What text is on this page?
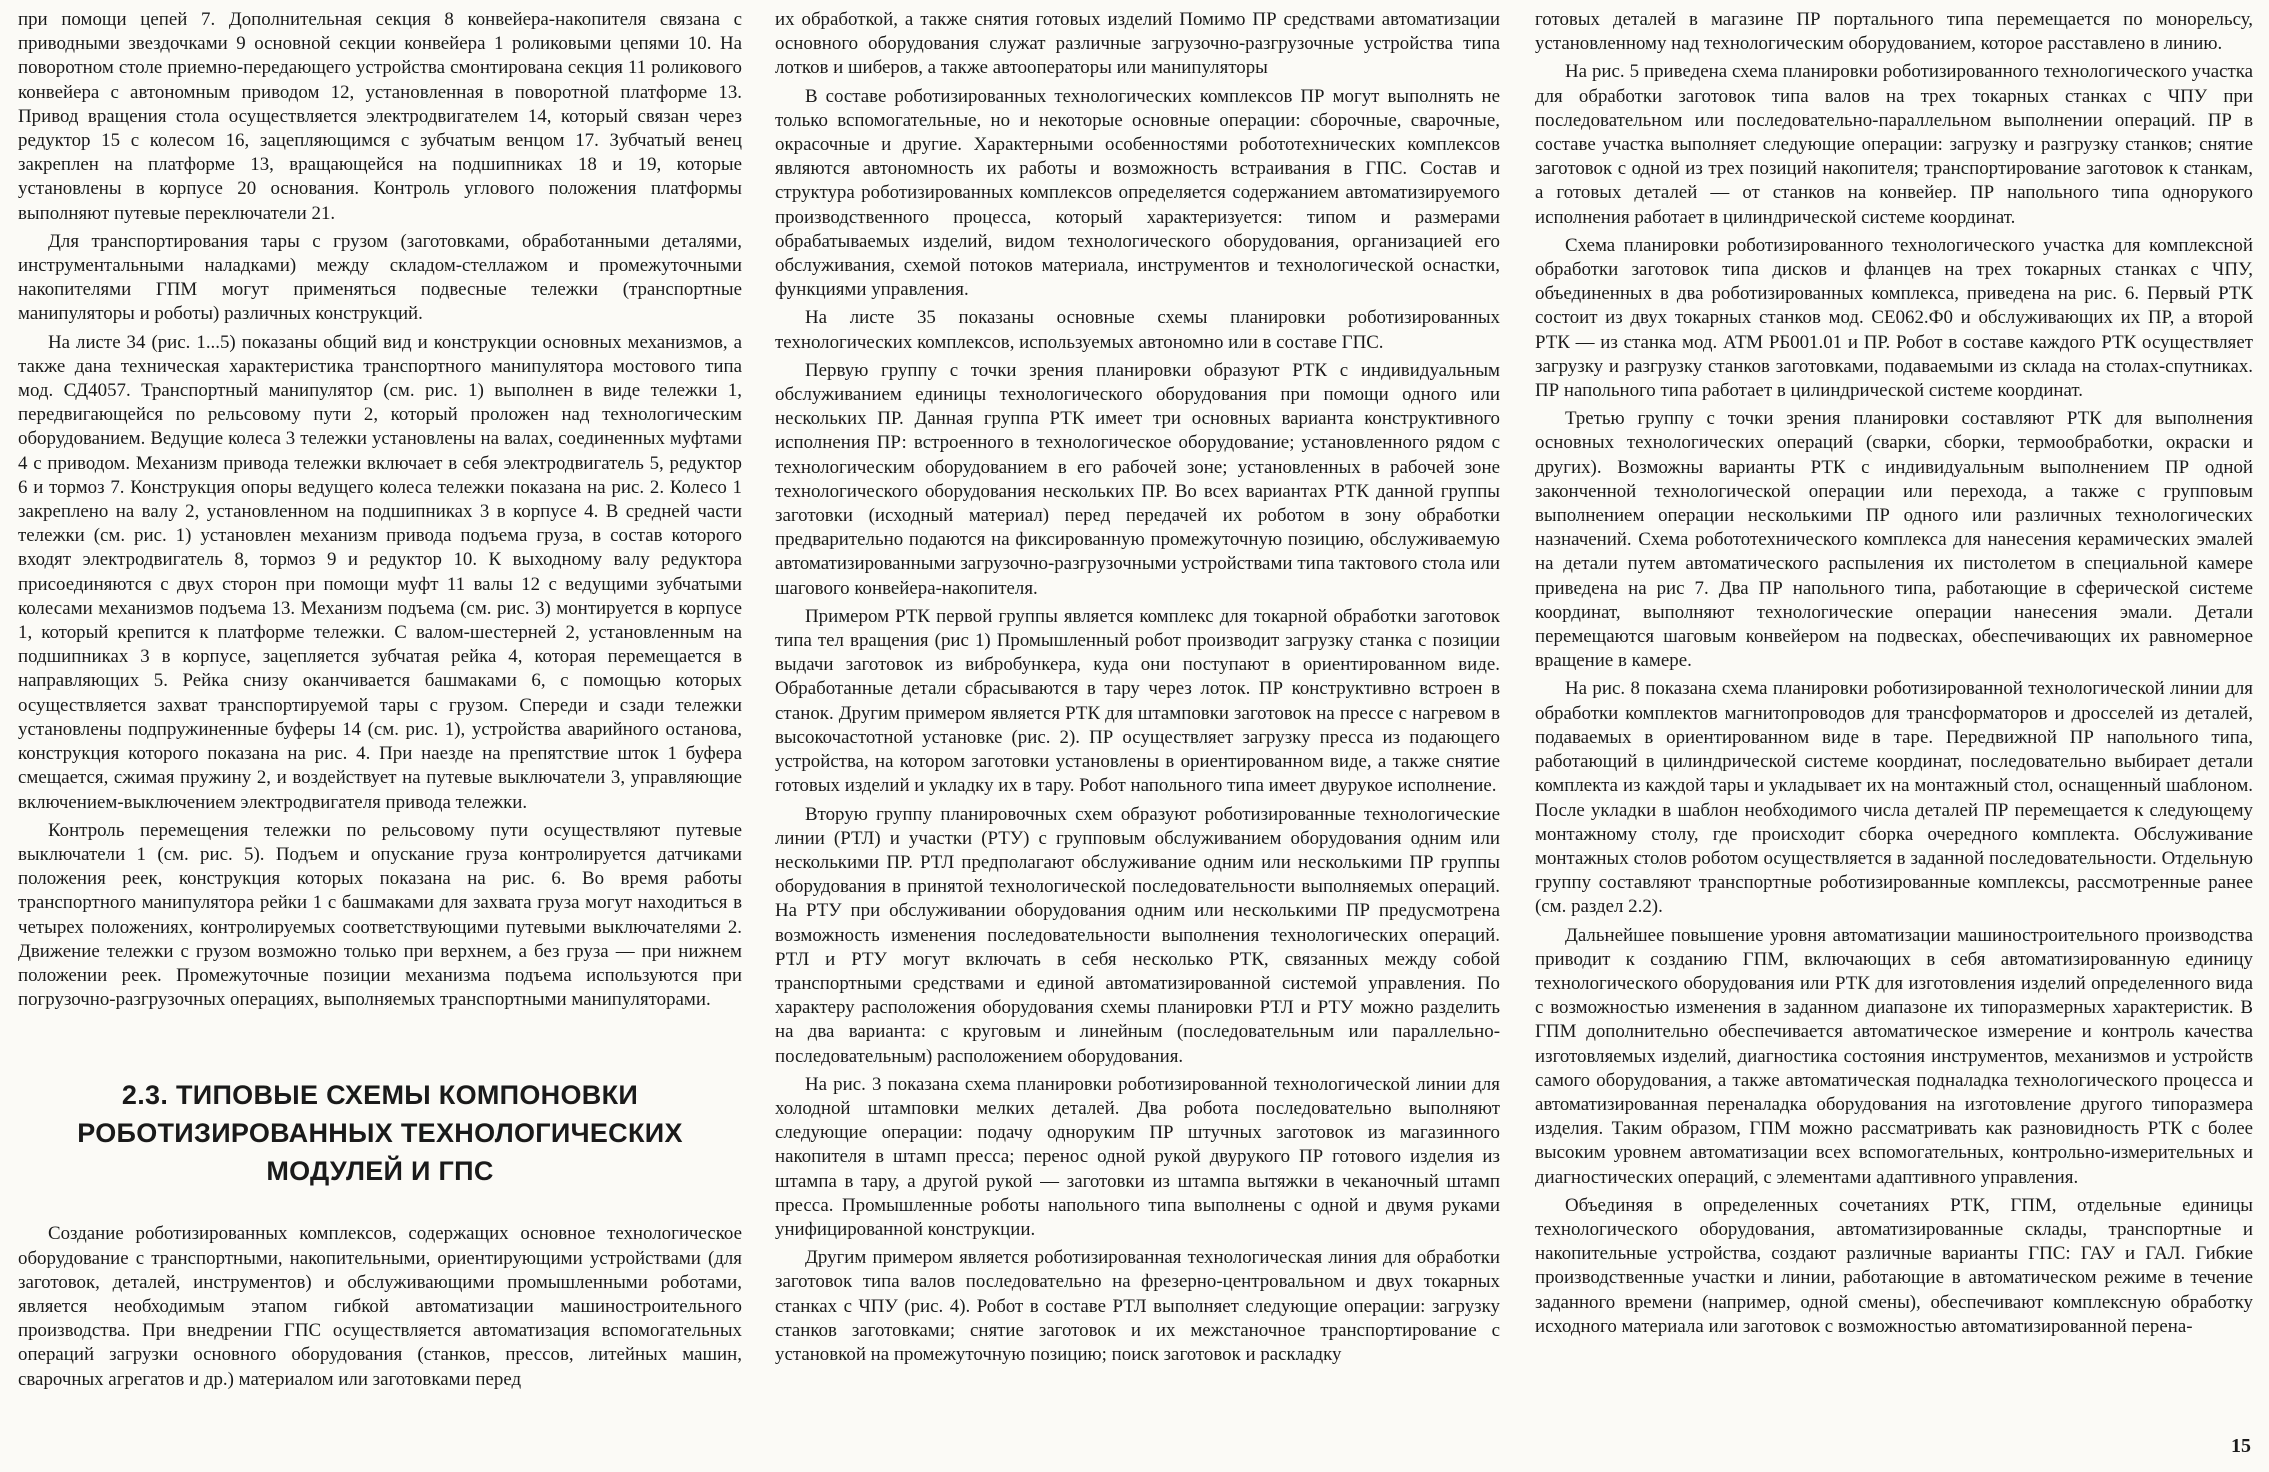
при помощи цепей 7. Дополнительная секция 8 конвейера-накопителя связана с приводными звездочками 9 основной секции конвейера 1 роликовыми цепями 10. На поворотном столе приемно-передающего устройства смонтирована секция 11 роликового конвейера с автономным приводом 12, установленная в поворотной платформе 13. Привод вращения стола осуществляется электродвигателем 14, который связан через редуктор 15 с колесом 16, зацепляющимся с зубчатым венцом 17. Зубчатый венец закреплен на платформе 13, вращающейся на подшипниках 18 и 19, которые установлены в корпусе 20 основания. Контроль углового положения платформы выполняют путевые переключатели 21.

Для транспортирования тары с грузом (заготовками, обработанными деталями, инструментальными наладками) между складом-стеллажом и промежуточными накопителями ГПМ могут применяться подвесные тележки (транспортные манипуляторы и роботы) различных конструкций.

На листе 34 (рис. 1...5) показаны общий вид и конструкции основных механизмов, а также дана техническая характеристика транспортного манипулятора мостового типа мод. СД4057. Транспортный манипулятор (см. рис. 1) выполнен в виде тележки 1, передвигающейся по рельсовому пути 2, который проложен над технологическим оборудованием. Ведущие колеса 3 тележки установлены на валах, соединенных муфтами 4 с приводом. Механизм привода тележки включает в себя электродвигатель 5, редуктор 6 и тормоз 7. Конструкция опоры ведущего колеса тележки показана на рис. 2. Колесо 1 закреплено на валу 2, установленном на подшипниках 3 в корпусе 4. В средней части тележки (см. рис. 1) установлен механизм привода подъема груза, в состав которого входят электродвигатель 8, тормоз 9 и редуктор 10. К выходному валу редуктора присоединяются с двух сторон при помощи муфт 11 валы 12 с ведущими зубчатыми колесами механизмов подъема 13. Механизм подъема (см. рис. 3) монтируется в корпусе 1, который крепится к платформе тележки. С валом-шестерней 2, установленным на подшипниках 3 в корпусе, зацепляется зубчатая рейка 4, которая перемещается в направляющих 5. Рейка снизу оканчивается башмаками 6, с помощью которых осуществляется захват транспортируемой тары с грузом. Спереди и сзади тележки установлены подпружиненные буферы 14 (см. рис. 1), устройства аварийного останова, конструкция которого показана на рис. 4. При наезде на препятствие шток 1 буфера смещается, сжимая пружину 2, и воздействует на путевые выключатели 3, управляющие включением-выключением электродвигателя привода тележки.

Контроль перемещения тележки по рельсовому пути осуществляют путевые выключатели 1 (см. рис. 5). Подъем и опускание груза контролируется датчиками положения реек, конструкция которых показана на рис. 6. Во время работы транспортного манипулятора рейки 1 с башмаками для захвата груза могут находиться в четырех положениях, контролируемых соответствующими путевыми выключателями 2. Движение тележки с грузом возможно только при верхнем, а без груза — при нижнем положении реек. Промежуточные позиции механизма подъема используются при погрузочно-разгрузочных операциях, выполняемых транспортными манипуляторами.

2.3. ТИПОВЫЕ СХЕМЫ КОМПОНОВКИ
РОБОТИЗИРОВАННЫХ ТЕХНОЛОГИЧЕСКИХ
МОДУЛЕЙ И ГПС

Создание роботизированных комплексов, содержащих основное технологическое оборудование с транспортными, накопительными, ориентирующими устройствами (для заготовок, деталей, инструментов) и обслуживающими промышленными роботами, является необходимым этапом гибкой автоматизации машиностроительного производства. При внедрении ГПС осуществляется автоматизация вспомогательных операций загрузки основного оборудования (станков, прессов, литейных машин, сварочных агрегатов и др.) материалом или заготовками перед

их обработкой, а также снятия готовых изделий Помимо ПР средствами автоматизации основного оборудования служат различные загрузочно-разгрузочные устройства типа лотков и шиберов, а также автооператоры или манипуляторы

В составе роботизированных технологических комплексов ПР могут выполнять не только вспомогательные, но и некоторые основные операции: сборочные, сварочные, окрасочные и другие. Характерными особенностями робототехнических комплексов являются автономность их работы и возможность встраивания в ГПС. Состав и структура роботизированных комплексов определяется содержанием автоматизируемого производственного процесса, который характеризуется: типом и размерами обрабатываемых изделий, видом технологического оборудования, организацией его обслуживания, схемой потоков материала, инструментов и технологической оснастки, функциями управления.

На листе 35 показаны основные схемы планировки роботизированных технологических комплексов, используемых автономно или в составе ГПС.

Первую группу с точки зрения планировки образуют РТК с индивидуальным обслуживанием единицы технологического оборудования при помощи одного или нескольких ПР. Данная группа РТК имеет три основных варианта конструктивного исполнения ПР: встроенного в технологическое оборудование; установленного рядом с технологическим оборудованием в его рабочей зоне; установленных в рабочей зоне технологического оборудования нескольких ПР. Во всех вариантах РТК данной группы заготовки (исходный материал) перед передачей их роботом в зону обработки предварительно подаются на фиксированную промежуточную позицию, обслуживаемую автоматизированными загрузочно-разгрузочными устройствами типа тактового стола или шагового конвейера-накопителя.

Примером РТК первой группы является комплекс для токарной обработки заготовок типа тел вращения (рис 1) Промышленный робот производит загрузку станка с позиции выдачи заготовок из вибробункера, куда они поступают в ориентированном виде. Обработанные детали сбрасываются в тару через лоток. ПР конструктивно встроен в станок. Другим примером является РТК для штамповки заготовок на прессе с нагревом в высокочастотной установке (рис. 2). ПР осуществляет загрузку пресса из подающего устройства, на котором заготовки установлены в ориентированном виде, а также снятие готовых изделий и укладку их в тару. Робот напольного типа имеет двурукое исполнение.

Вторую группу планировочных схем образуют роботизированные технологические линии (РТЛ) и участки (РТУ) с групповым обслуживанием оборудования одним или несколькими ПР. РТЛ предполагают обслуживание одним или несколькими ПР группы оборудования в принятой технологической последовательности выполняемых операций. На РТУ при обслуживании оборудования одним или несколькими ПР предусмотрена возможность изменения последовательности выполнения технологических операций. РТЛ и РТУ могут включать в себя несколько РТК, связанных между собой транспортными средствами и единой автоматизированной системой управления. По характеру расположения оборудования схемы планировки РТЛ и РТУ можно разделить на два варианта: с круговым и линейным (последовательным или параллельно-последовательным) расположением оборудования.

На рис. 3 показана схема планировки роботизированной технологической линии для холодной штамповки мелких деталей. Два робота последовательно выполняют следующие операции: подачу одноруким ПР штучных заготовок из магазинного накопителя в штамп пресса; перенос одной рукой двурукого ПР готового изделия из штампа в тару, а другой рукой — заготовки из штампа вытяжки в чеканочный штамп пресса. Промышленные роботы напольного типа выполнены с одной и двумя руками унифицированной конструкции.

Другим примером является роботизированная технологическая линия для обработки заготовок типа валов последовательно на фрезерно-центровальном и двух токарных станках с ЧПУ (рис. 4). Робот в составе РТЛ выполняет следующие операции: загрузку станков заготовками; снятие заготовок и их межстаночное транспортирование с установкой на промежуточную позицию; поиск заготовок и раскладку

готовых деталей в магазине ПР портального типа перемещается по монорельсу, установленному над технологическим оборудованием, которое расставлено в линию.

На рис. 5 приведена схема планировки роботизированного технологического участка для обработки заготовок типа валов на трех токарных станках с ЧПУ при последовательном или последовательно-параллельном выполнении операций. ПР в составе участка выполняет следующие операции: загрузку и разгрузку станков; снятие заготовок с одной из трех позиций накопителя; транспортирование заготовок к станкам, а готовых деталей — от станков на конвейер. ПР напольного типа однорукого исполнения работает в цилиндрической системе координат.

Схема планировки роботизированного технологического участка для комплексной обработки заготовок типа дисков и фланцев на трех токарных станках с ЧПУ, объединенных в два роботизированных комплекса, приведена на рис. 6. Первый РТК состоит из двух токарных станков мод. СЕ062.Ф0 и обслуживающих их ПР, а второй РТК — из станка мод. АТМ РБ001.01 и ПР. Робот в составе каждого РТК осуществляет загрузку и разгрузку станков заготовками, подаваемыми из склада на столах-спутниках. ПР напольного типа работает в цилиндрической системе координат.

Третью группу с точки зрения планировки составляют РТК для выполнения основных технологических операций (сварки, сборки, термообработки, окраски и других). Возможны варианты РТК с индивидуальным выполнением ПР одной законченной технологической операции или перехода, а также с групповым выполнением операции несколькими ПР одного или различных технологических назначений. Схема робототехнического комплекса для нанесения керамических эмалей на детали путем автоматического распыления их пистолетом в специальной камере приведена на рис 7. Два ПР напольного типа, работающие в сферической системе координат, выполняют технологические операции нанесения эмали. Детали перемещаются шаговым конвейером на подвесках, обеспечивающих их равномерное вращение в камере.

На рис. 8 показана схема планировки роботизированной технологической линии для обработки комплектов магнитопроводов для трансформаторов и дросселей из деталей, подаваемых в ориентированном виде в таре. Передвижной ПР напольного типа, работающий в цилиндрической системе координат, последовательно выбирает детали комплекта из каждой тары и укладывает их на монтажный стол, оснащенный шаблоном. После укладки в шаблон необходимого числа деталей ПР перемещается к следующему монтажному столу, где происходит сборка очередного комплекта. Обслуживание монтажных столов роботом осуществляется в заданной последовательности. Отдельную группу составляют транспортные роботизированные комплексы, рассмотренные ранее (см. раздел 2.2).

Дальнейшее повышение уровня автоматизации машиностроительного производства приводит к созданию ГПМ, включающих в себя автоматизированную единицу технологического оборудования или РТК для изготовления изделий определенного вида с возможностью изменения в заданном диапазоне их типоразмерных характеристик. В ГПМ дополнительно обеспечивается автоматическое измерение и контроль качества изготовляемых изделий, диагностика состояния инструментов, механизмов и устройств самого оборудования, а также автоматическая подналадка технологического процесса и автоматизированная переналадка оборудования на изготовление другого типоразмера изделия. Таким образом, ГПМ можно рассматривать как разновидность РТК с более высоким уровнем автоматизации всех вспомогательных, контрольно-измерительных и диагностических операций, с элементами адаптивного управления.

Объединяя в определенных сочетаниях РТК, ГПМ, отдельные единицы технологического оборудования, автоматизированные склады, транспортные и накопительные устройства, создают различные варианты ГПС: ГАУ и ГАЛ. Гибкие производственные участки и линии, работающие в автоматическом режиме в течение заданного времени (например, одной смены), обеспечивают комплексную обработку исходного материала или заготовок с возможностью автоматизированной перена-

15
